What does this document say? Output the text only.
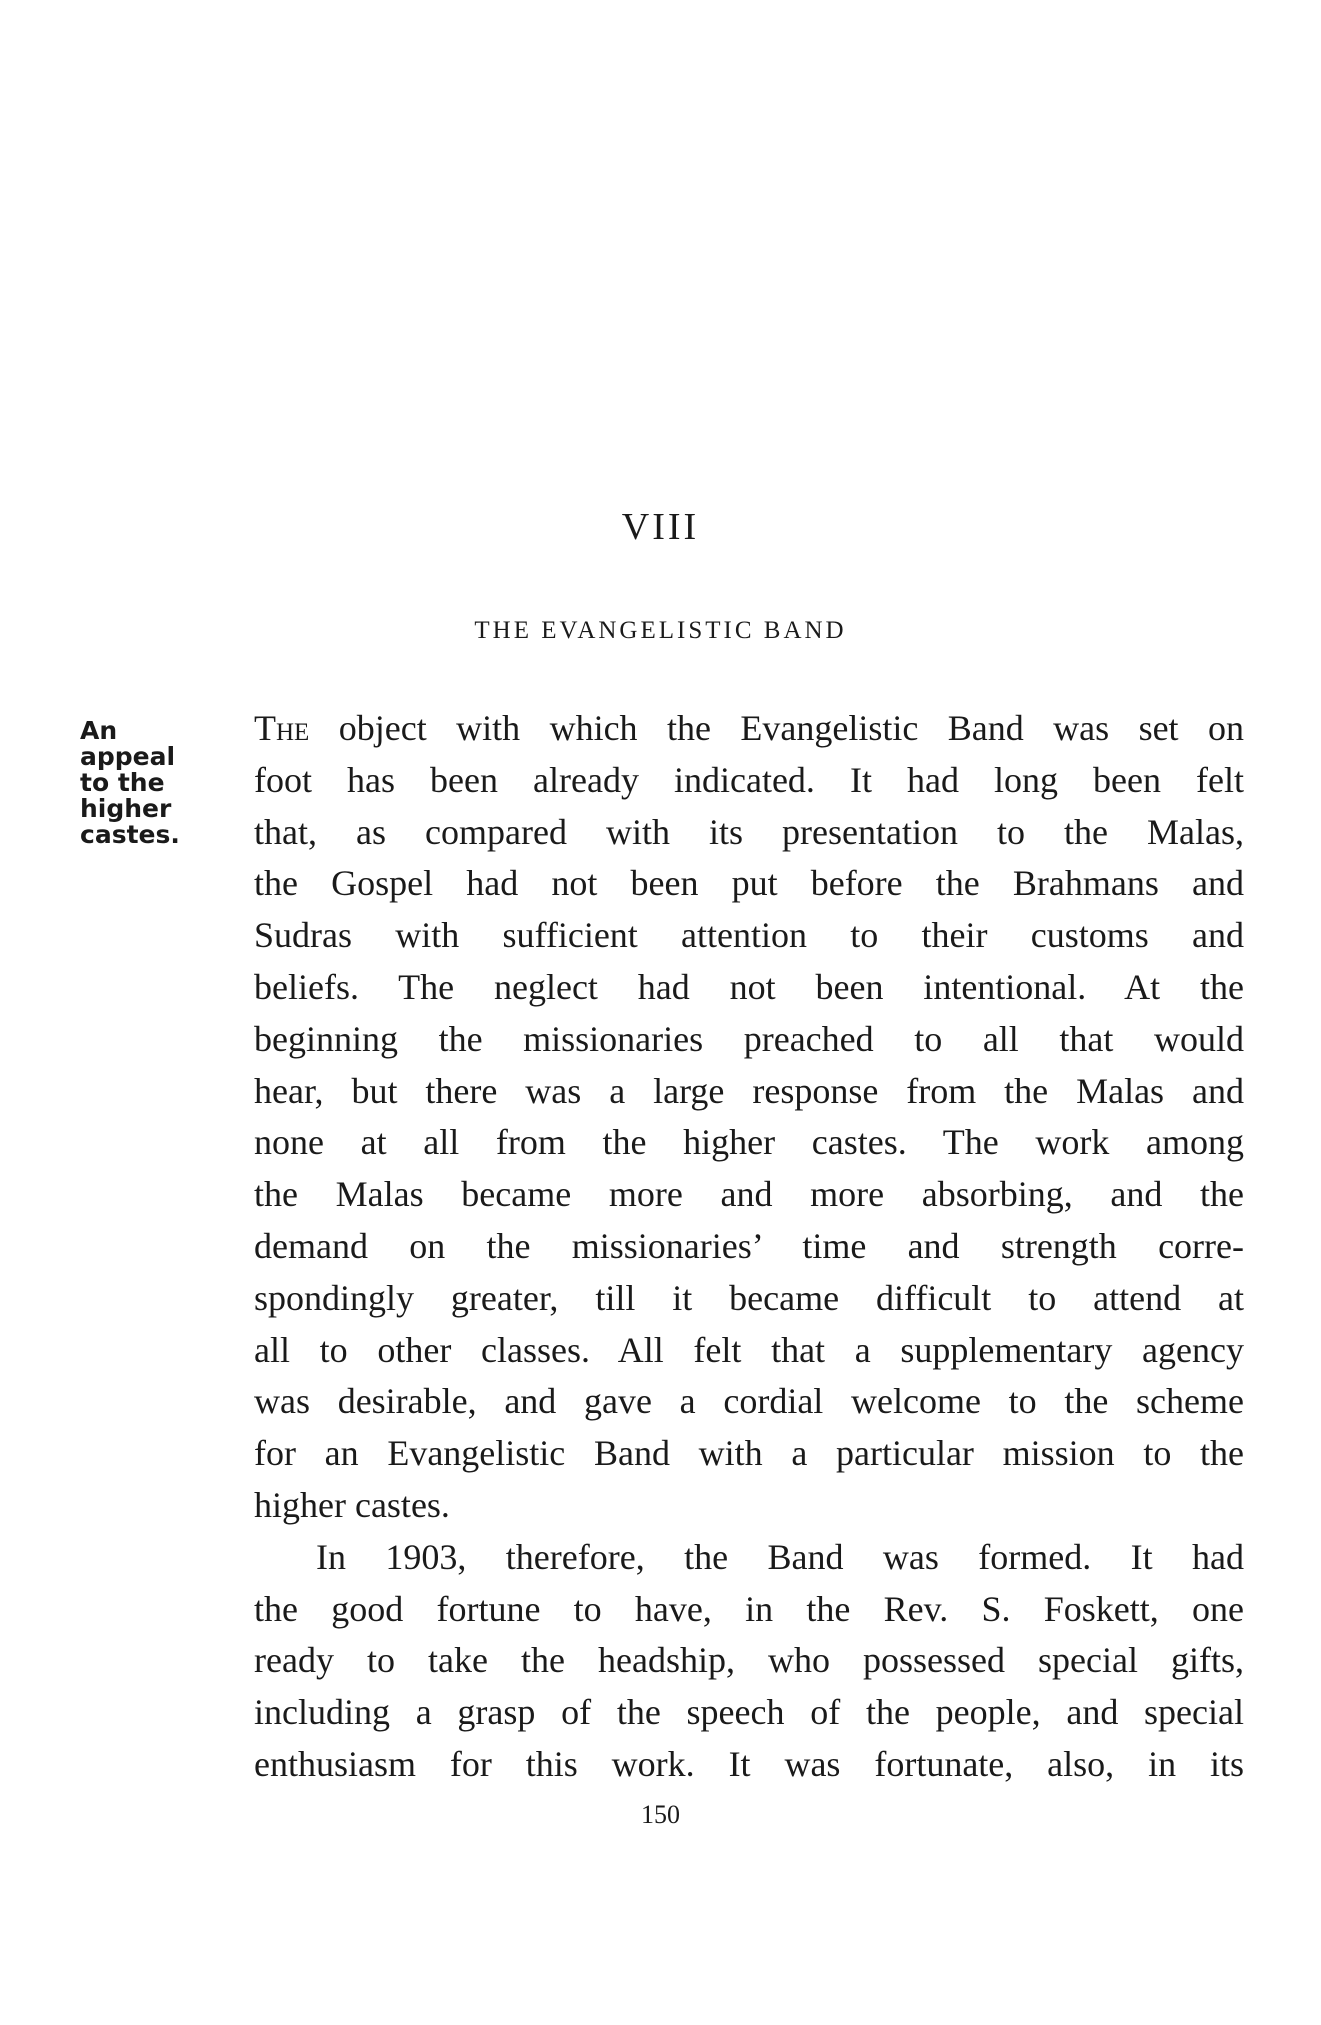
VIII
THE EVANGELISTIC BAND
An
appeal
to the
higher
castes.
The object with which the Evangelistic Band was set on
foot has been already indicated. It had long been felt
that, as compared with its presentation to the Malas,
the Gospel had not been put before the Brahmans and
Sudras with sufficient attention to their customs and
beliefs. The neglect had not been intentional. At the
beginning the missionaries preached to all that would
hear, but there was a large response from the Malas and
none at all from the higher castes. The work among
the Malas became more and more absorbing, and the
demand on the missionaries’ time and strength corre-
spondingly greater, till it became difficult to attend at
all to other classes. All felt that a supplementary agency
was desirable, and gave a cordial welcome to the scheme
for an Evangelistic Band with a particular mission to the
higher castes.
In 1903, therefore, the Band was formed. It had
the good fortune to have, in the Rev. S. Foskett, one
ready to take the headship, who possessed special gifts,
including a grasp of the speech of the people, and special
enthusiasm for this work. It was fortunate, also, in its
150
